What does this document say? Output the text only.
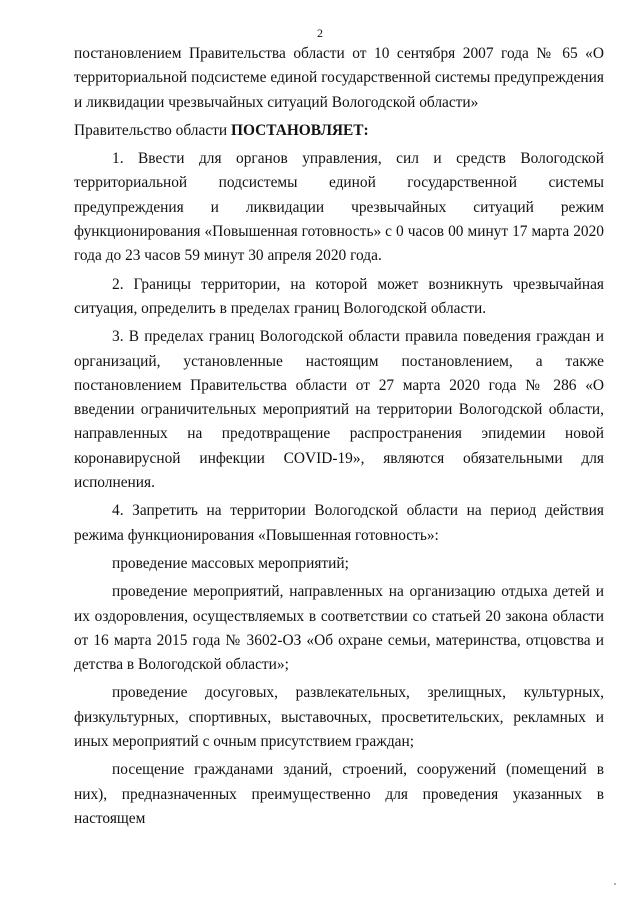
2

постановлением Правительства области от 10 сентября 2007 года № 65 «О территориальной подсистеме единой государственной системы предупреждения и ликвидации чрезвычайных ситуаций Вологодской области»

Правительство области ПОСТАНОВЛЯЕТ:

1. Ввести для органов управления, сил и средств Вологодской территориальной подсистемы единой государственной системы предупреждения и ликвидации чрезвычайных ситуаций режим функционирования «Повышенная готовность» с 0 часов 00 минут 17 марта 2020 года до 23 часов 59 минут 30 апреля 2020 года.

2. Границы территории, на которой может возникнуть чрезвычайная ситуация, определить в пределах границ Вологодской области.

3. В пределах границ Вологодской области правила поведения граждан и организаций, установленные настоящим постановлением, а также постановлением Правительства области от 27 марта 2020 года № 286 «О введении ограничительных мероприятий на территории Вологодской области, направленных на предотвращение распространения эпидемии новой коронавирусной инфекции COVID-19», являются обязательными для исполнения.

4. Запретить на территории Вологодской области на период действия режима функционирования «Повышенная готовность»:

проведение массовых мероприятий;

проведение мероприятий, направленных на организацию отдыха детей и их оздоровления, осуществляемых в соответствии со статьей 20 закона области от 16 марта 2015 года № 3602-ОЗ «Об охране семьи, материнства, отцовства и детства в Вологодской области»;

проведение досуговых, развлекательных, зрелищных, культурных, физкультурных, спортивных, выставочных, просветительских, рекламных и иных мероприятий с очным присутствием граждан;

посещение гражданами зданий, строений, сооружений (помещений в них), предназначенных преимущественно для проведения указанных в настоящем
